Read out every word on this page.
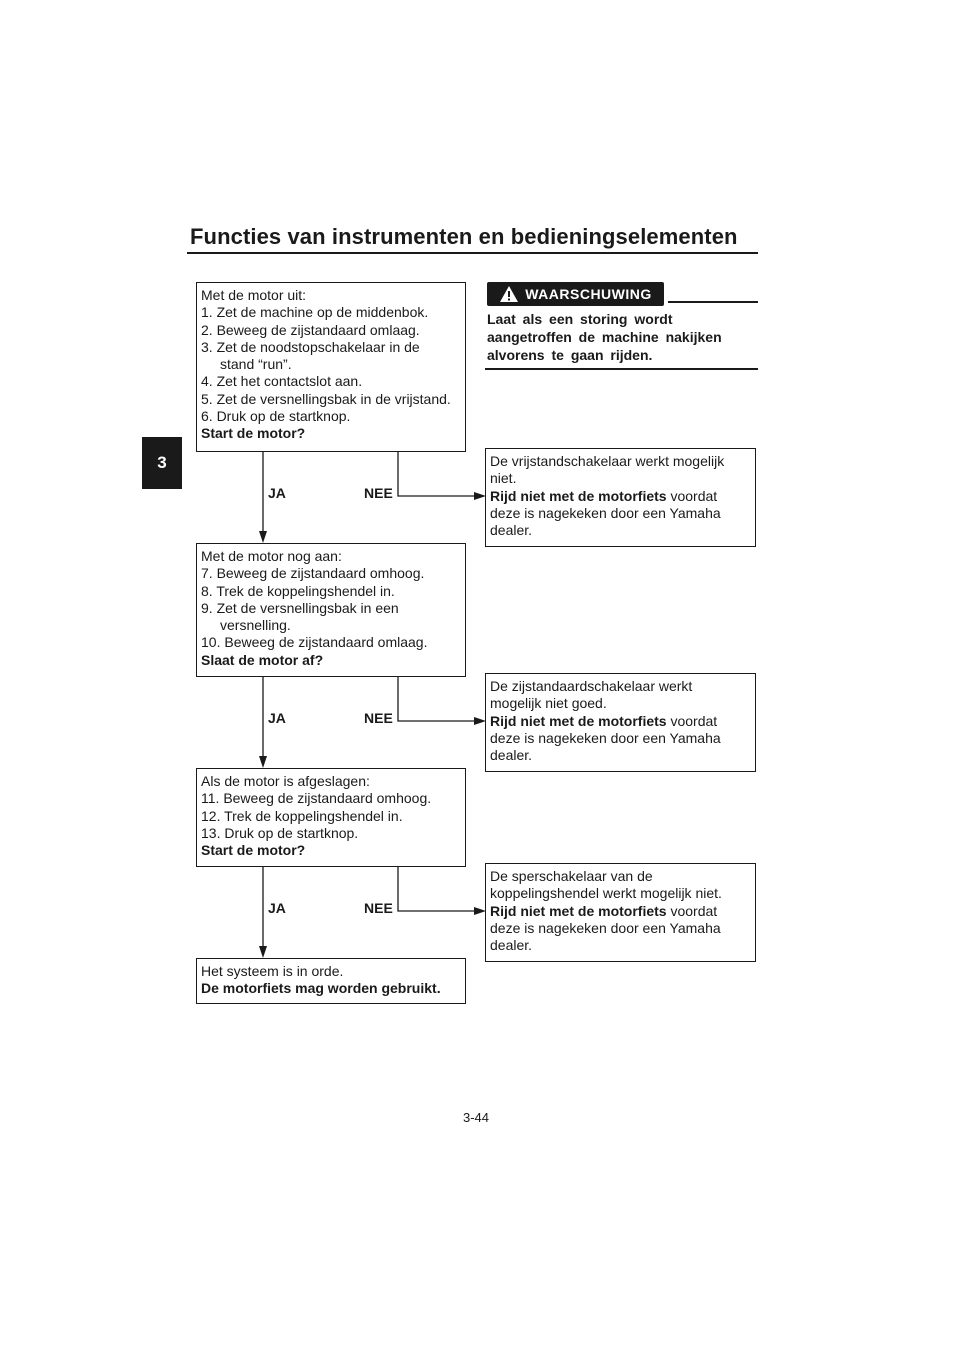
Functies van instrumenten en bedieningselementen
3
Met de motor uit:
1. Zet de machine op de middenbok.
2. Beweeg de zijstandaard omlaag.
3. Zet de noodstopschakelaar in de
stand “run”.
4. Zet het contactslot aan.
5. Zet de versnellingsbak in de vrijstand.
6. Druk op de startknop.
Start de motor?
JA	NEE
Met de motor nog aan:
7. Beweeg de zijstandaard omhoog.
8. Trek de koppelingshendel in.
9. Zet de versnellingsbak in een
versnelling.
10. Beweeg de zijstandaard omlaag.
Slaat de motor af?
JA	NEE
Als de motor is afgeslagen:
11. Beweeg de zijstandaard omhoog.
12. Trek de koppelingshendel in.
13. Druk op de startknop.
Start de motor?
JA	NEE
Het systeem is in orde.
De motorfiets mag worden gebruikt.
WAARSCHUWING
Laat als een storing wordt aangetroffen de machine nakijken alvorens te gaan rijden.
De vrijstandschakelaar werkt mogelijk
niet.
Rijd niet met de motorfiets voordat
deze is nagekeken door een Yamaha
dealer.
De zijstandaardschakelaar werkt
mogelijk niet goed.
Rijd niet met de motorfiets voordat
deze is nagekeken door een Yamaha
dealer.
De sperschakelaar van de
koppelingshendel werkt mogelijk niet.
Rijd niet met de motorfiets voordat
deze is nagekeken door een Yamaha
dealer.
3-44
